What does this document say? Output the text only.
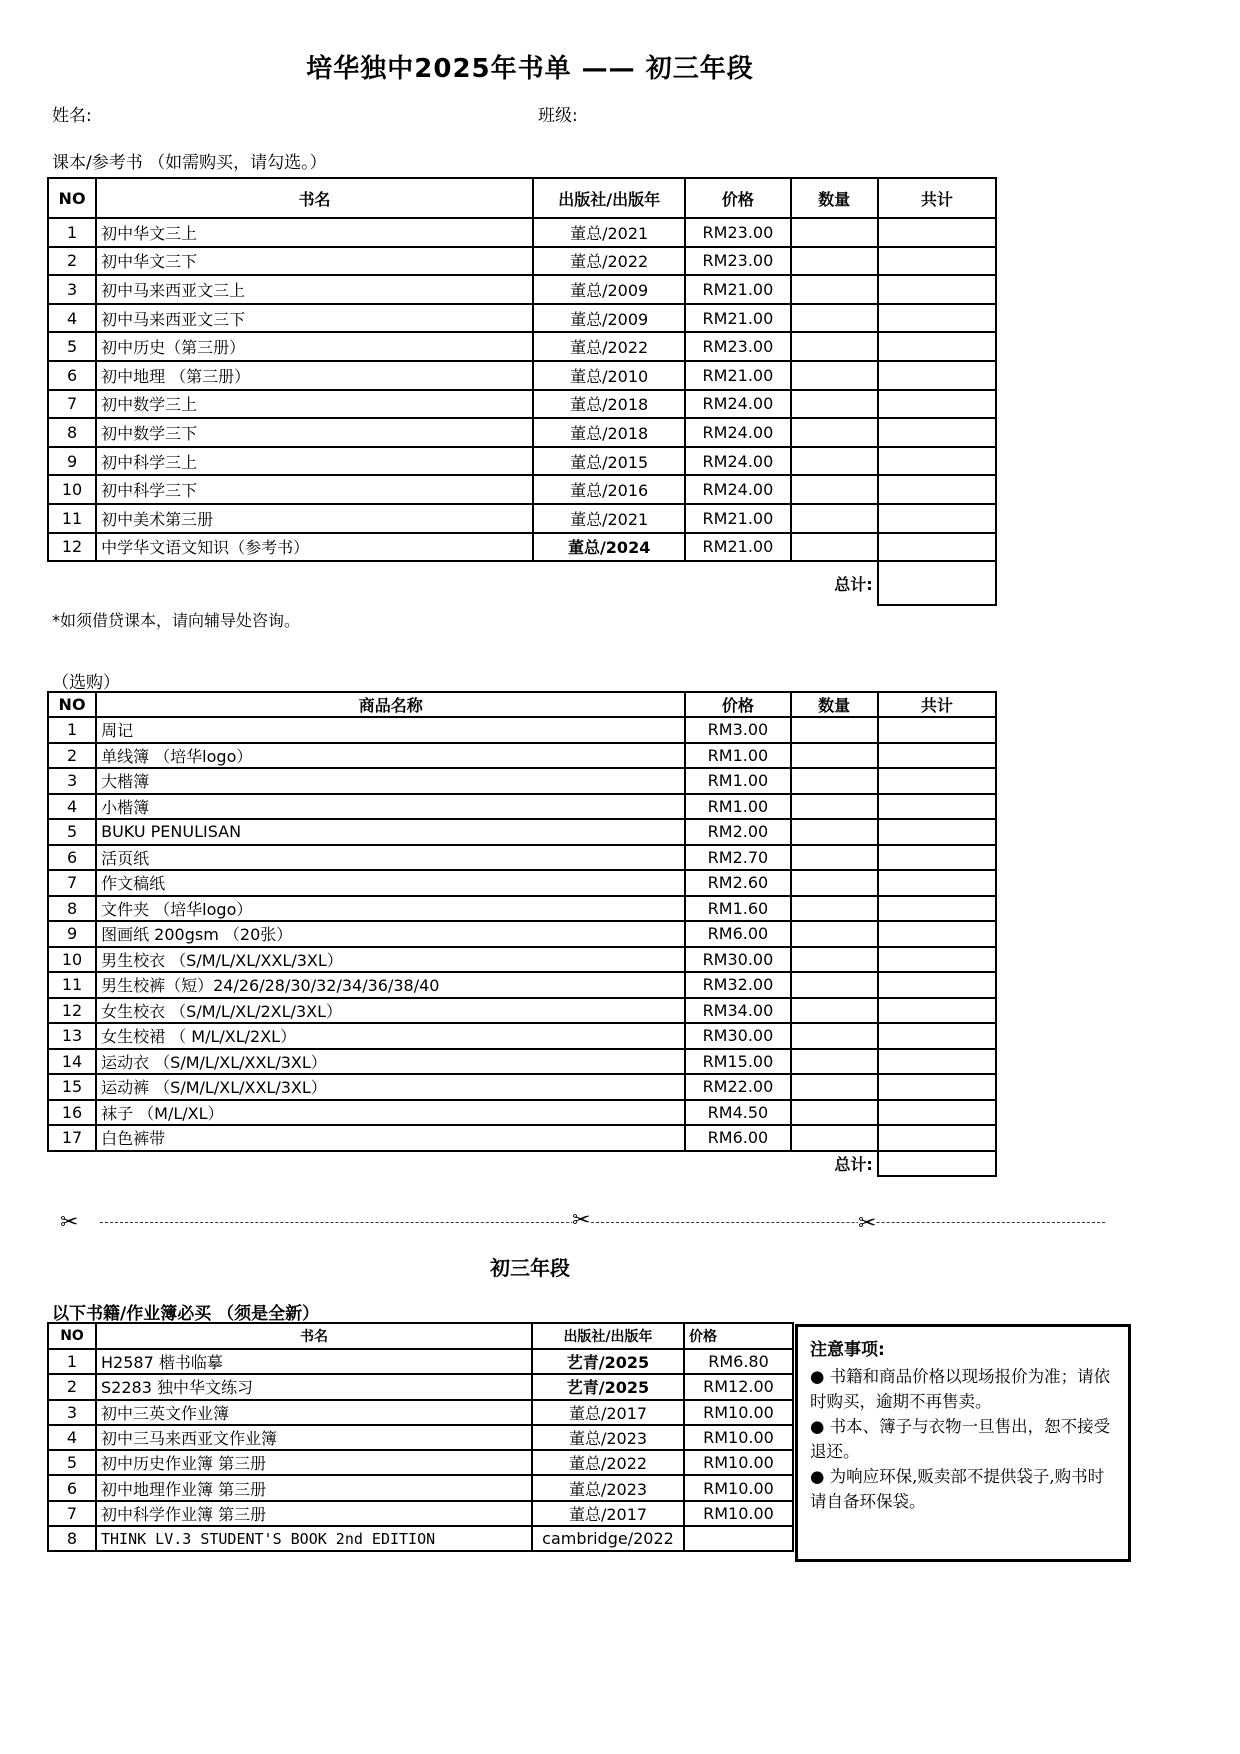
培华独中2025年书单 —— 初三年段
姓名:	班级:
课本/参考书 （如需购买，请勾选。）
NO	书名	出版社/出版年	价格	数量	共计
1	初中华文三上	董总/2021	RM23.00		
2	初中华文三下	董总/2022	RM23.00		
3	初中马来西亚文三上	董总/2009	RM21.00		
4	初中马来西亚文三下	董总/2009	RM21.00		
5	初中历史（第三册）	董总/2022	RM23.00		
6	初中地理 （第三册）	董总/2010	RM21.00		
7	初中数学三上	董总/2018	RM24.00		
8	初中数学三下	董总/2018	RM24.00		
9	初中科学三上	董总/2015	RM24.00		
10	初中科学三下	董总/2016	RM24.00		
11	初中美术第三册	董总/2021	RM21.00		
12	中学华文语文知识（参考书）	董总/2024	RM21.00		
				总计:	
*如须借贷课本，请向辅导处咨询。
（选购）
NO	商品名称	价格	数量	共计
1	周记	RM3.00		
2	单线簿 （培华logo）	RM1.00		
3	大楷簿	RM1.00		
4	小楷簿	RM1.00		
5	BUKU PENULISAN	RM2.00		
6	活页纸	RM2.70		
7	作文稿纸	RM2.60		
8	文件夹 （培华logo）	RM1.60		
9	图画纸 200gsm （20张）	RM6.00		
10	男生校衣 （S/M/L/XL/XXL/3XL）	RM30.00		
11	男生校裤（短）24/26/28/30/32/34/36/38/40	RM32.00		
12	女生校衣 （S/M/L/XL/2XL/3XL）	RM34.00		
13	女生校裙 （ M/L/XL/2XL）	RM30.00		
14	运动衣 （S/M/L/XL/XXL/3XL）	RM15.00		
15	运动裤 （S/M/L/XL/XXL/3XL）	RM22.00		
16	袜子 （M/L/XL）	RM4.50		
17	白色裤带	RM6.00		
			总计:	
✂	✂	✂
初三年段
以下书籍/作业簿必买 （须是全新）
NO	书名	出版社/出版年	价格
1	H2587 楷书临摹	艺青/2025	RM6.80
2	S2283 独中华文练习	艺青/2025	RM12.00
3	初中三英文作业簿	董总/2017	RM10.00
4	初中三马来西亚文作业簿	董总/2023	RM10.00
5	初中历史作业簿 第三册	董总/2022	RM10.00
6	初中地理作业簿 第三册	董总/2023	RM10.00
7	初中科学作业簿 第三册	董总/2017	RM10.00
8	THINK LV.3 STUDENT'S BOOK 2nd EDITION	cambridge/2022	
注意事项:

● 书籍和商品价格以现场报价为准；请依时购买，逾期不再售卖。

● 书本、簿子与衣物一旦售出，恕不接受退还。

● 为响应环保,贩卖部不提供袋子,购书时请自备环保袋。
